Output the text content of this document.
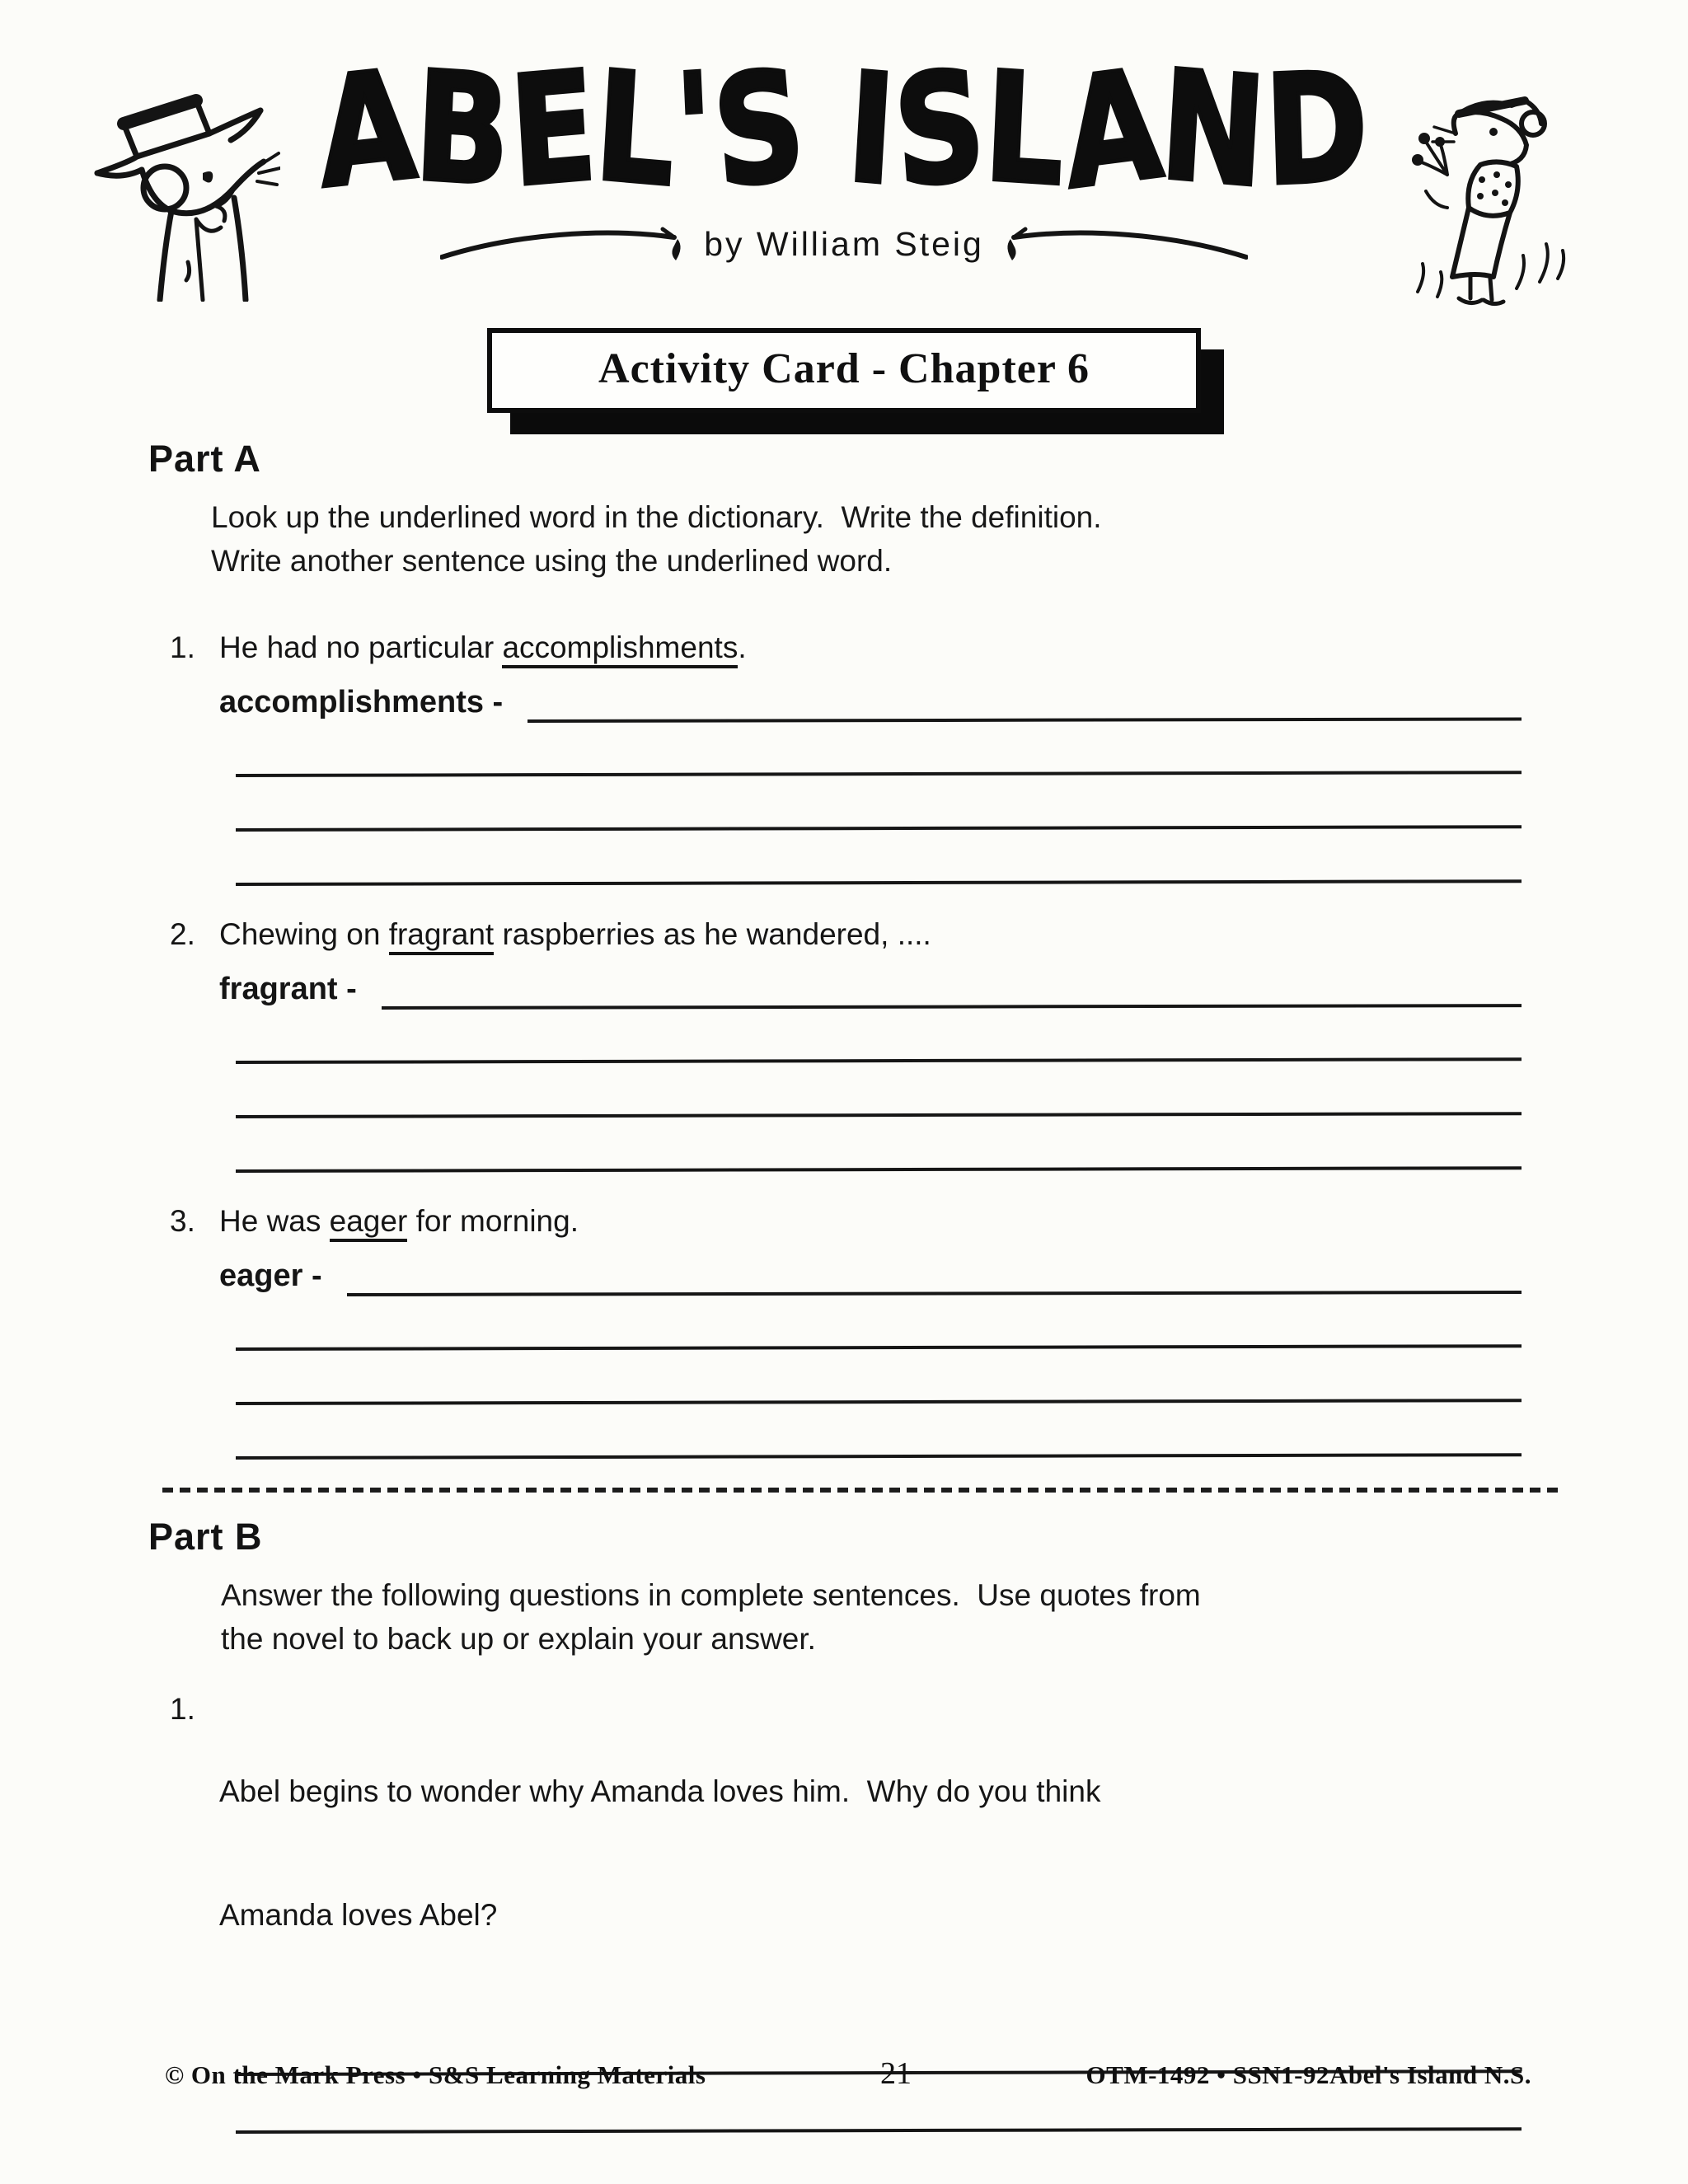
ABEL'S ISLAND
by William Steig
Activity Card - Chapter 6
Part A
Look up the underlined word in the dictionary.  Write the definition.
Write another sentence using the underlined word.
1. He had no particular accomplishments.
accomplishments -
2. Chewing on fragrant raspberries as he wandered, ....
fragrant -
3. He was eager for morning.
eager -
Part B
Answer the following questions in complete sentences.  Use quotes from
the novel to back up or explain your answer.
1.

Abel begins to wonder why Amanda loves him.  Why do you think

Amanda loves Abel?

© On the Mark Press • S&S Learning Materials	21	OTM-1492 • SSN1-92Abel's Island N.S.
